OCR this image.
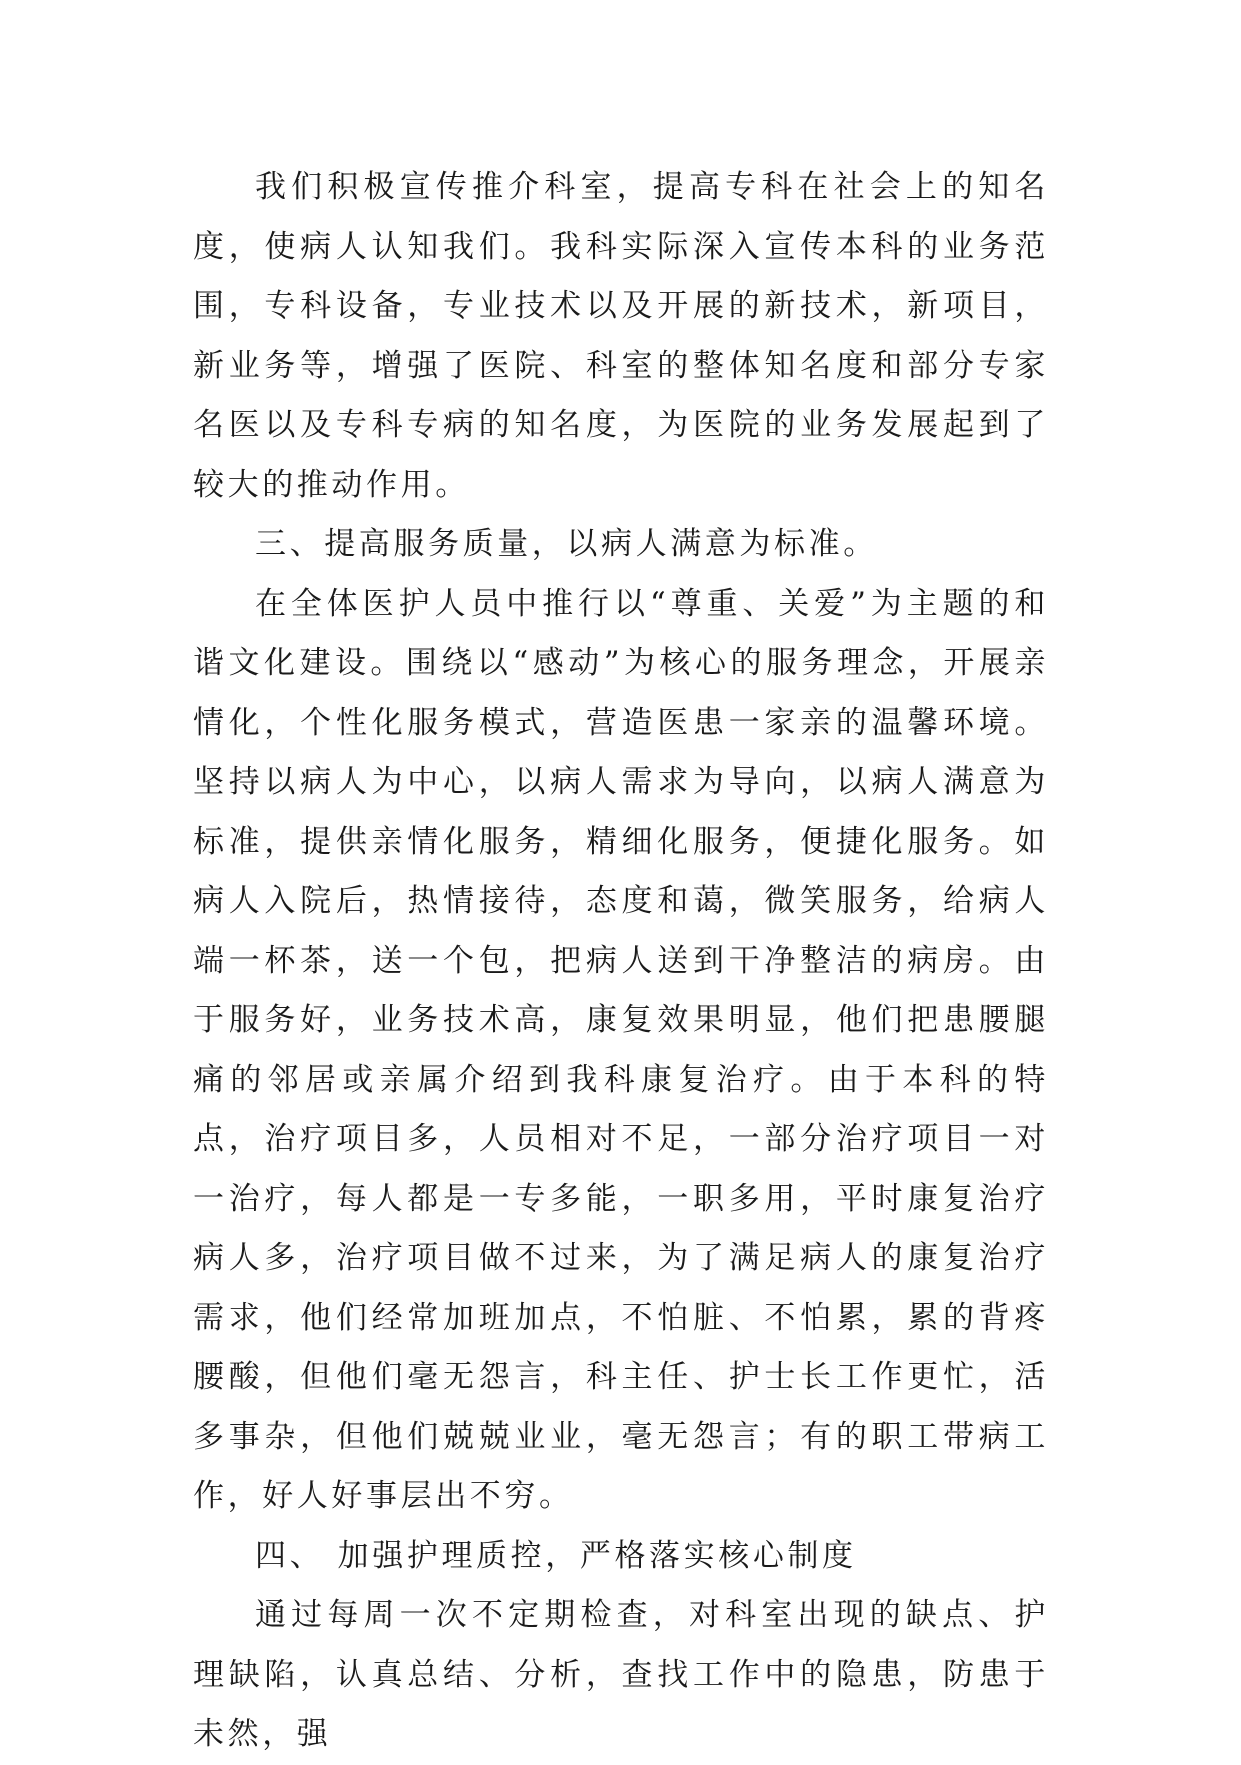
我们积极宣传推介科室，提高专科在社会上的知名度，使病人认知我们。我科实际深入宣传本科的业务范围，专科设备，专业技术以及开展的新技术，新项目，新业务等，增强了医院、科室的整体知名度和部分专家名医以及专科专病的知名度，为医院的业务发展起到了较大的推动作用。

三、提高服务质量，以病人满意为标准。

在全体医护人员中推行以“尊重、关爱”为主题的和谐文化建设。围绕以“感动”为核心的服务理念，开展亲情化，个性化服务模式，营造医患一家亲的温馨环境。坚持以病人为中心，以病人需求为导向，以病人满意为标准，提供亲情化服务，精细化服务，便捷化服务。如病人入院后，热情接待，态度和蔼，微笑服务，给病人端一杯茶，送一个包，把病人送到干净整洁的病房。由于服务好，业务技术高，康复效果明显，他们把患腰腿痛的邻居或亲属介绍到我科康复治疗。由于本科的特点，治疗项目多，人员相对不足，一部分治疗项目一对一治疗，每人都是一专多能，一职多用，平时康复治疗病人多，治疗项目做不过来，为了满足病人的康复治疗需求，他们经常加班加点，不怕脏、不怕累，累的背疼腰酸，但他们毫无怨言，科主任、护士长工作更忙，活多事杂，但他们兢兢业业，毫无怨言；有的职工带病工作，好人好事层出不穷。

四、 加强护理质控，严格落实核心制度

通过每周一次不定期检查，对科室出现的缺点、护理缺陷，认真总结、分析，查找工作中的隐患，防患于未然，强
